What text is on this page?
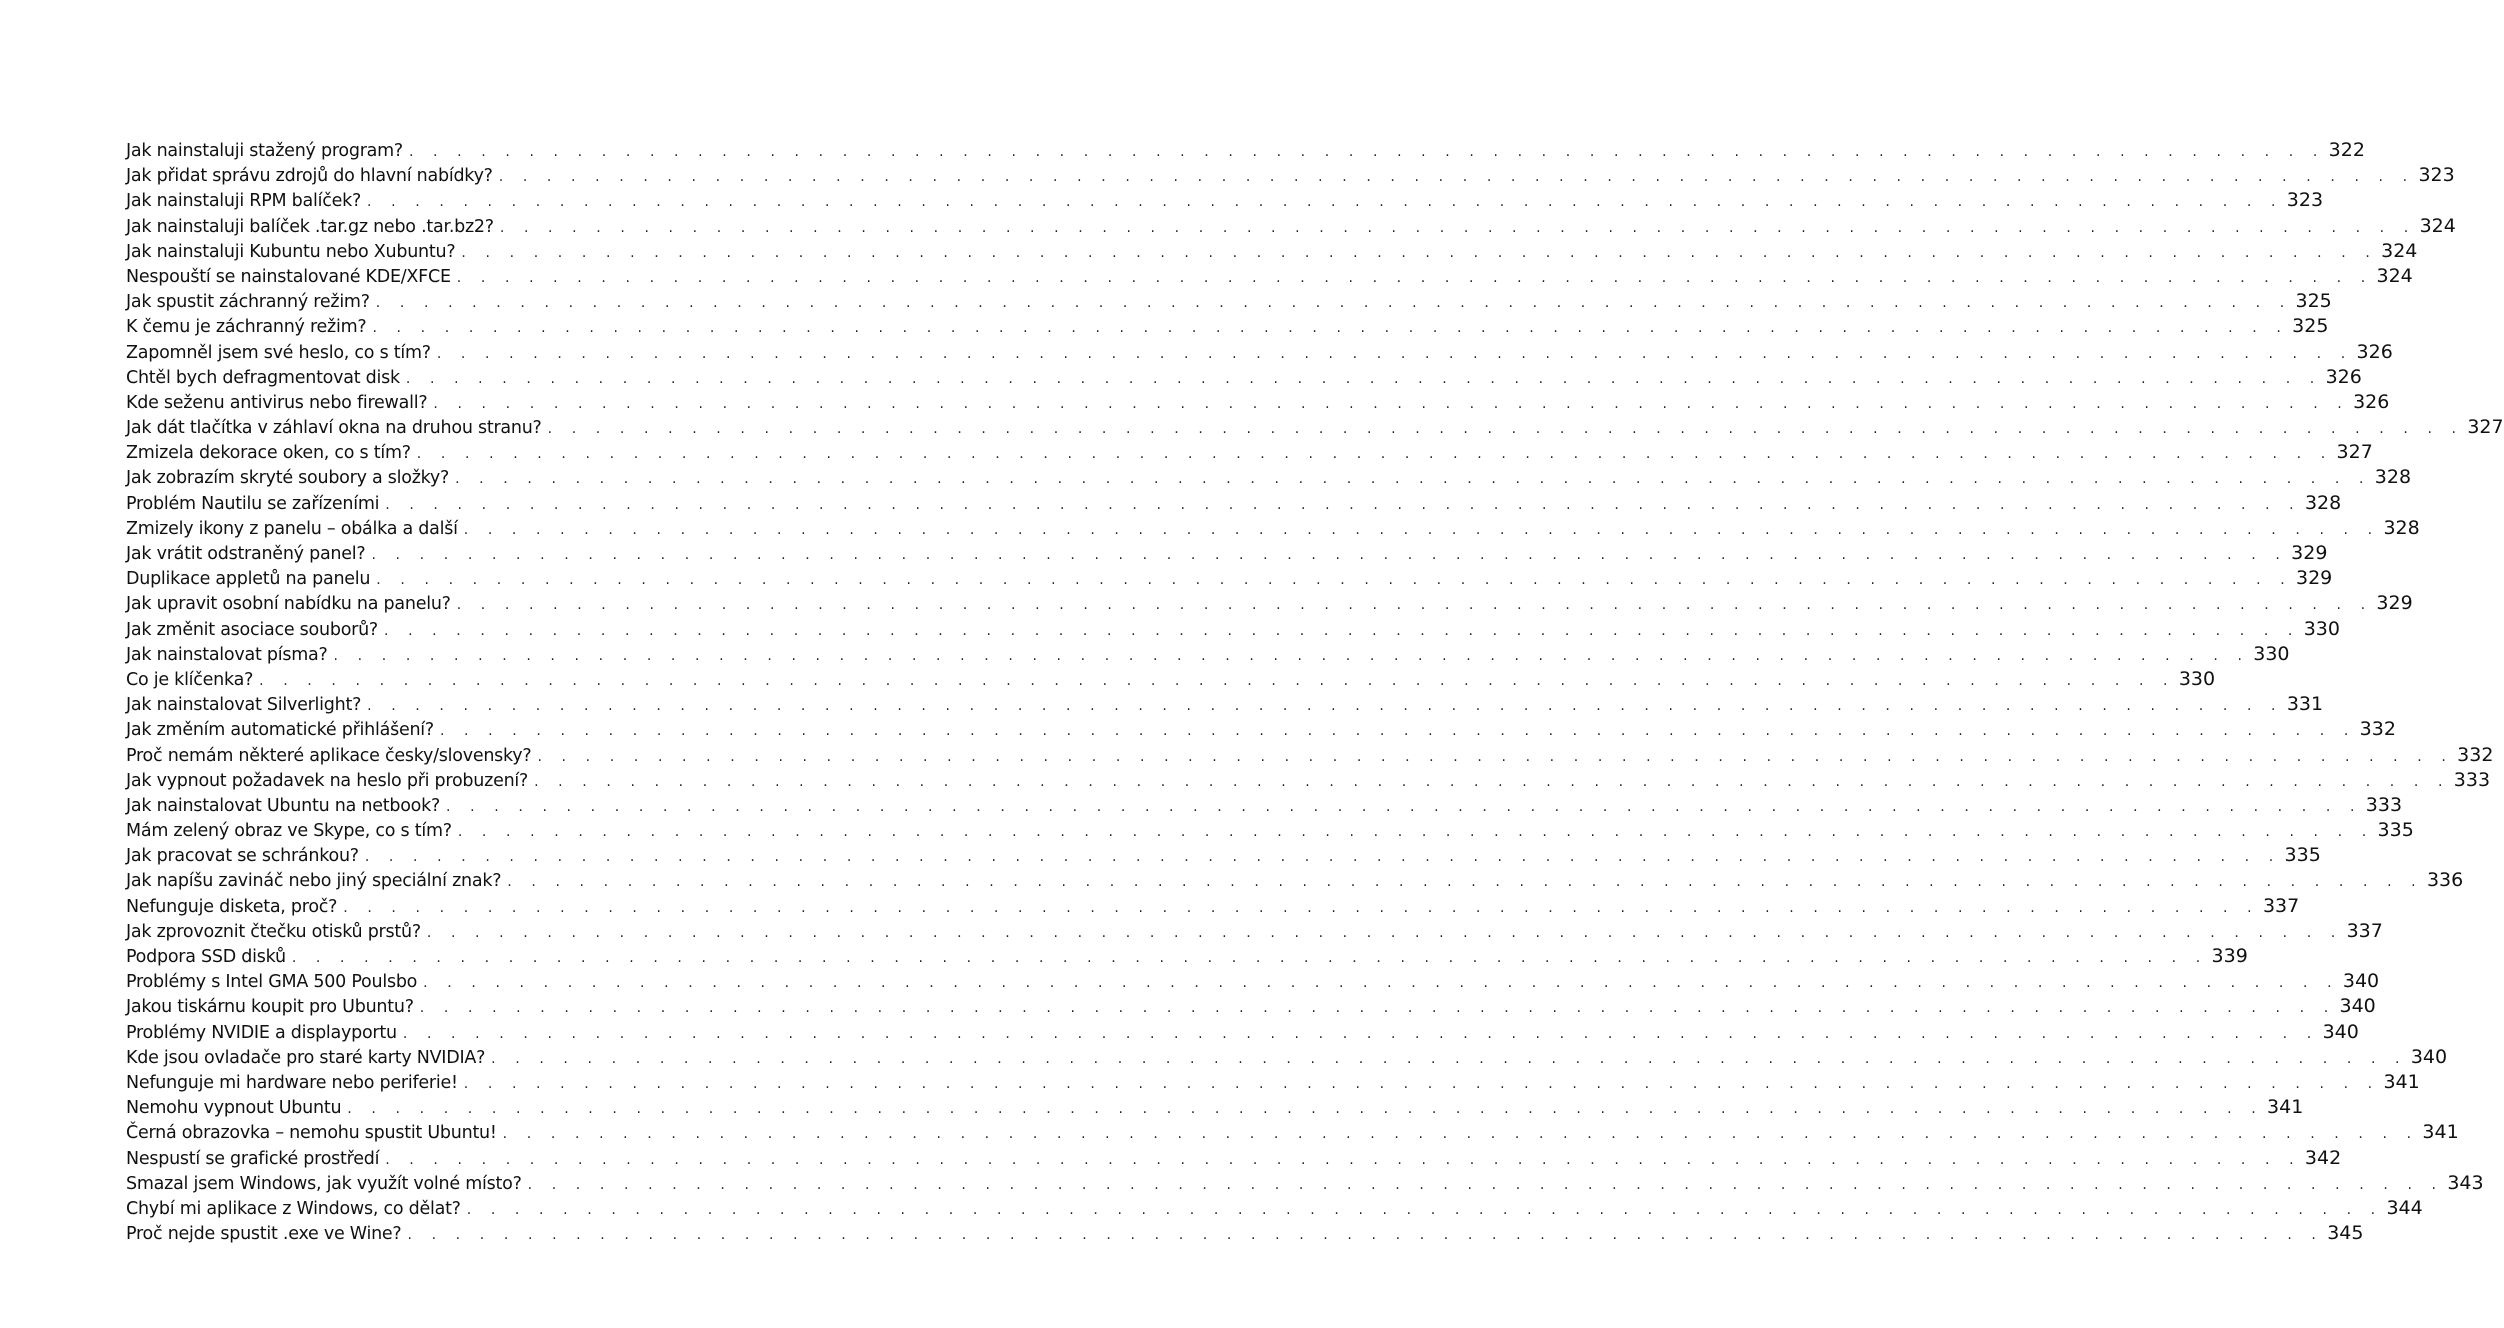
Jak nainstaluji stažený program? . . . . . . . . . . . . . . . . . . . . . . . . . . . . . . . . . . . . . . . . . . . . . . . . . . . . . . . . . . . . . . . . . . . . . . . . . . . . . . . . 322
Jak přidat správu zdrojů do hlavní nabídky? . . . . . . . . . . . . . . . . . . . . . . . . . . . . . . . . . . . . . . . . . . . . . . . . . . . . . . . . . . . . . . . . . . . . . . . . . . . . . . . . 323
Jak nainstaluji RPM balíček? . . . . . . . . . . . . . . . . . . . . . . . . . . . . . . . . . . . . . . . . . . . . . . . . . . . . . . . . . . . . . . . . . . . . . . . . . . . . . . . . 323
Jak nainstaluji balíček .tar.gz nebo .tar.bz2? . . . . . . . . . . . . . . . . . . . . . . . . . . . . . . . . . . . . . . . . . . . . . . . . . . . . . . . . . . . . . . . . . . . . . . . . . . . . . . . . 324
Jak nainstaluji Kubuntu nebo Xubuntu? . . . . . . . . . . . . . . . . . . . . . . . . . . . . . . . . . . . . . . . . . . . . . . . . . . . . . . . . . . . . . . . . . . . . . . . . . . . . . . . . 324
Nespouští se nainstalované KDE/XFCE . . . . . . . . . . . . . . . . . . . . . . . . . . . . . . . . . . . . . . . . . . . . . . . . . . . . . . . . . . . . . . . . . . . . . . . . . . . . . . . . 324
Jak spustit záchranný režim? . . . . . . . . . . . . . . . . . . . . . . . . . . . . . . . . . . . . . . . . . . . . . . . . . . . . . . . . . . . . . . . . . . . . . . . . . . . . . . . . 325
K čemu je záchranný režim? . . . . . . . . . . . . . . . . . . . . . . . . . . . . . . . . . . . . . . . . . . . . . . . . . . . . . . . . . . . . . . . . . . . . . . . . . . . . . . . . 325
Zapomněl jsem své heslo, co s tím? . . . . . . . . . . . . . . . . . . . . . . . . . . . . . . . . . . . . . . . . . . . . . . . . . . . . . . . . . . . . . . . . . . . . . . . . . . . . . . . . 326
Chtěl bych defragmentovat disk . . . . . . . . . . . . . . . . . . . . . . . . . . . . . . . . . . . . . . . . . . . . . . . . . . . . . . . . . . . . . . . . . . . . . . . . . . . . . . . . 326
Kde seženu antivirus nebo firewall? . . . . . . . . . . . . . . . . . . . . . . . . . . . . . . . . . . . . . . . . . . . . . . . . . . . . . . . . . . . . . . . . . . . . . . . . . . . . . . . . 326
Jak dát tlačítka v záhlaví okna na druhou stranu? . . . . . . . . . . . . . . . . . . . . . . . . . . . . . . . . . . . . . . . . . . . . . . . . . . . . . . . . . . . . . . . . . . . . . . . . . . . . . . . . 327
Zmizela dekorace oken, co s tím? . . . . . . . . . . . . . . . . . . . . . . . . . . . . . . . . . . . . . . . . . . . . . . . . . . . . . . . . . . . . . . . . . . . . . . . . . . . . . . . . 327
Jak zobrazím skryté soubory a složky? . . . . . . . . . . . . . . . . . . . . . . . . . . . . . . . . . . . . . . . . . . . . . . . . . . . . . . . . . . . . . . . . . . . . . . . . . . . . . . . . 328
Problém Nautilu se zařízeními . . . . . . . . . . . . . . . . . . . . . . . . . . . . . . . . . . . . . . . . . . . . . . . . . . . . . . . . . . . . . . . . . . . . . . . . . . . . . . . . 328
Zmizely ikony z panelu – obálka a další . . . . . . . . . . . . . . . . . . . . . . . . . . . . . . . . . . . . . . . . . . . . . . . . . . . . . . . . . . . . . . . . . . . . . . . . . . . . . . . . 328
Jak vrátit odstraněný panel? . . . . . . . . . . . . . . . . . . . . . . . . . . . . . . . . . . . . . . . . . . . . . . . . . . . . . . . . . . . . . . . . . . . . . . . . . . . . . . . . 329
Duplikace appletů na panelu . . . . . . . . . . . . . . . . . . . . . . . . . . . . . . . . . . . . . . . . . . . . . . . . . . . . . . . . . . . . . . . . . . . . . . . . . . . . . . . . 329
Jak upravit osobní nabídku na panelu? . . . . . . . . . . . . . . . . . . . . . . . . . . . . . . . . . . . . . . . . . . . . . . . . . . . . . . . . . . . . . . . . . . . . . . . . . . . . . . . . 329
Jak změnit asociace souborů? . . . . . . . . . . . . . . . . . . . . . . . . . . . . . . . . . . . . . . . . . . . . . . . . . . . . . . . . . . . . . . . . . . . . . . . . . . . . . . . . 330
Jak nainstalovat písma? . . . . . . . . . . . . . . . . . . . . . . . . . . . . . . . . . . . . . . . . . . . . . . . . . . . . . . . . . . . . . . . . . . . . . . . . . . . . . . . . 330
Co je klíčenka? . . . . . . . . . . . . . . . . . . . . . . . . . . . . . . . . . . . . . . . . . . . . . . . . . . . . . . . . . . . . . . . . . . . . . . . . . . . . . . . . 330
Jak nainstalovat Silverlight? . . . . . . . . . . . . . . . . . . . . . . . . . . . . . . . . . . . . . . . . . . . . . . . . . . . . . . . . . . . . . . . . . . . . . . . . . . . . . . . . 331
Jak změním automatické přihlášení? . . . . . . . . . . . . . . . . . . . . . . . . . . . . . . . . . . . . . . . . . . . . . . . . . . . . . . . . . . . . . . . . . . . . . . . . . . . . . . . . 332
Proč nemám některé aplikace česky/slovensky? . . . . . . . . . . . . . . . . . . . . . . . . . . . . . . . . . . . . . . . . . . . . . . . . . . . . . . . . . . . . . . . . . . . . . . . . . . . . . . . . 332
Jak vypnout požadavek na heslo při probuzení? . . . . . . . . . . . . . . . . . . . . . . . . . . . . . . . . . . . . . . . . . . . . . . . . . . . . . . . . . . . . . . . . . . . . . . . . . . . . . . . . 333
Jak nainstalovat Ubuntu na netbook? . . . . . . . . . . . . . . . . . . . . . . . . . . . . . . . . . . . . . . . . . . . . . . . . . . . . . . . . . . . . . . . . . . . . . . . . . . . . . . . . 333
Mám zelený obraz ve Skype, co s tím? . . . . . . . . . . . . . . . . . . . . . . . . . . . . . . . . . . . . . . . . . . . . . . . . . . . . . . . . . . . . . . . . . . . . . . . . . . . . . . . . 335
Jak pracovat se schránkou? . . . . . . . . . . . . . . . . . . . . . . . . . . . . . . . . . . . . . . . . . . . . . . . . . . . . . . . . . . . . . . . . . . . . . . . . . . . . . . . . 335
Jak napíšu zavináč nebo jiný speciální znak? . . . . . . . . . . . . . . . . . . . . . . . . . . . . . . . . . . . . . . . . . . . . . . . . . . . . . . . . . . . . . . . . . . . . . . . . . . . . . . . . 336
Nefunguje disketa, proč? . . . . . . . . . . . . . . . . . . . . . . . . . . . . . . . . . . . . . . . . . . . . . . . . . . . . . . . . . . . . . . . . . . . . . . . . . . . . . . . . 337
Jak zprovoznit čtečku otisků prstů? . . . . . . . . . . . . . . . . . . . . . . . . . . . . . . . . . . . . . . . . . . . . . . . . . . . . . . . . . . . . . . . . . . . . . . . . . . . . . . . . 337
Podpora SSD disků . . . . . . . . . . . . . . . . . . . . . . . . . . . . . . . . . . . . . . . . . . . . . . . . . . . . . . . . . . . . . . . . . . . . . . . . . . . . . . . . 339
Problémy s Intel GMA 500 Poulsbo . . . . . . . . . . . . . . . . . . . . . . . . . . . . . . . . . . . . . . . . . . . . . . . . . . . . . . . . . . . . . . . . . . . . . . . . . . . . . . . . 340
Jakou tiskárnu koupit pro Ubuntu? . . . . . . . . . . . . . . . . . . . . . . . . . . . . . . . . . . . . . . . . . . . . . . . . . . . . . . . . . . . . . . . . . . . . . . . . . . . . . . . . 340
Problémy NVIDIE a displayportu . . . . . . . . . . . . . . . . . . . . . . . . . . . . . . . . . . . . . . . . . . . . . . . . . . . . . . . . . . . . . . . . . . . . . . . . . . . . . . . . 340
Kde jsou ovladače pro staré karty NVIDIA? . . . . . . . . . . . . . . . . . . . . . . . . . . . . . . . . . . . . . . . . . . . . . . . . . . . . . . . . . . . . . . . . . . . . . . . . . . . . . . . . 340
Nefunguje mi hardware nebo periferie! . . . . . . . . . . . . . . . . . . . . . . . . . . . . . . . . . . . . . . . . . . . . . . . . . . . . . . . . . . . . . . . . . . . . . . . . . . . . . . . . 341
Nemohu vypnout Ubuntu . . . . . . . . . . . . . . . . . . . . . . . . . . . . . . . . . . . . . . . . . . . . . . . . . . . . . . . . . . . . . . . . . . . . . . . . . . . . . . . . 341
Černá obrazovka – nemohu spustit Ubuntu! . . . . . . . . . . . . . . . . . . . . . . . . . . . . . . . . . . . . . . . . . . . . . . . . . . . . . . . . . . . . . . . . . . . . . . . . . . . . . . . . 341
Nespustí se grafické prostředí . . . . . . . . . . . . . . . . . . . . . . . . . . . . . . . . . . . . . . . . . . . . . . . . . . . . . . . . . . . . . . . . . . . . . . . . . . . . . . . . 342
Smazal jsem Windows, jak využít volné místo? . . . . . . . . . . . . . . . . . . . . . . . . . . . . . . . . . . . . . . . . . . . . . . . . . . . . . . . . . . . . . . . . . . . . . . . . . . . . . . . . 343
Chybí mi aplikace z Windows, co dělat? . . . . . . . . . . . . . . . . . . . . . . . . . . . . . . . . . . . . . . . . . . . . . . . . . . . . . . . . . . . . . . . . . . . . . . . . . . . . . . . . 344
Proč nejde spustit .exe ve Wine? . . . . . . . . . . . . . . . . . . . . . . . . . . . . . . . . . . . . . . . . . . . . . . . . . . . . . . . . . . . . . . . . . . . . . . . . . . . . . . . . 345
